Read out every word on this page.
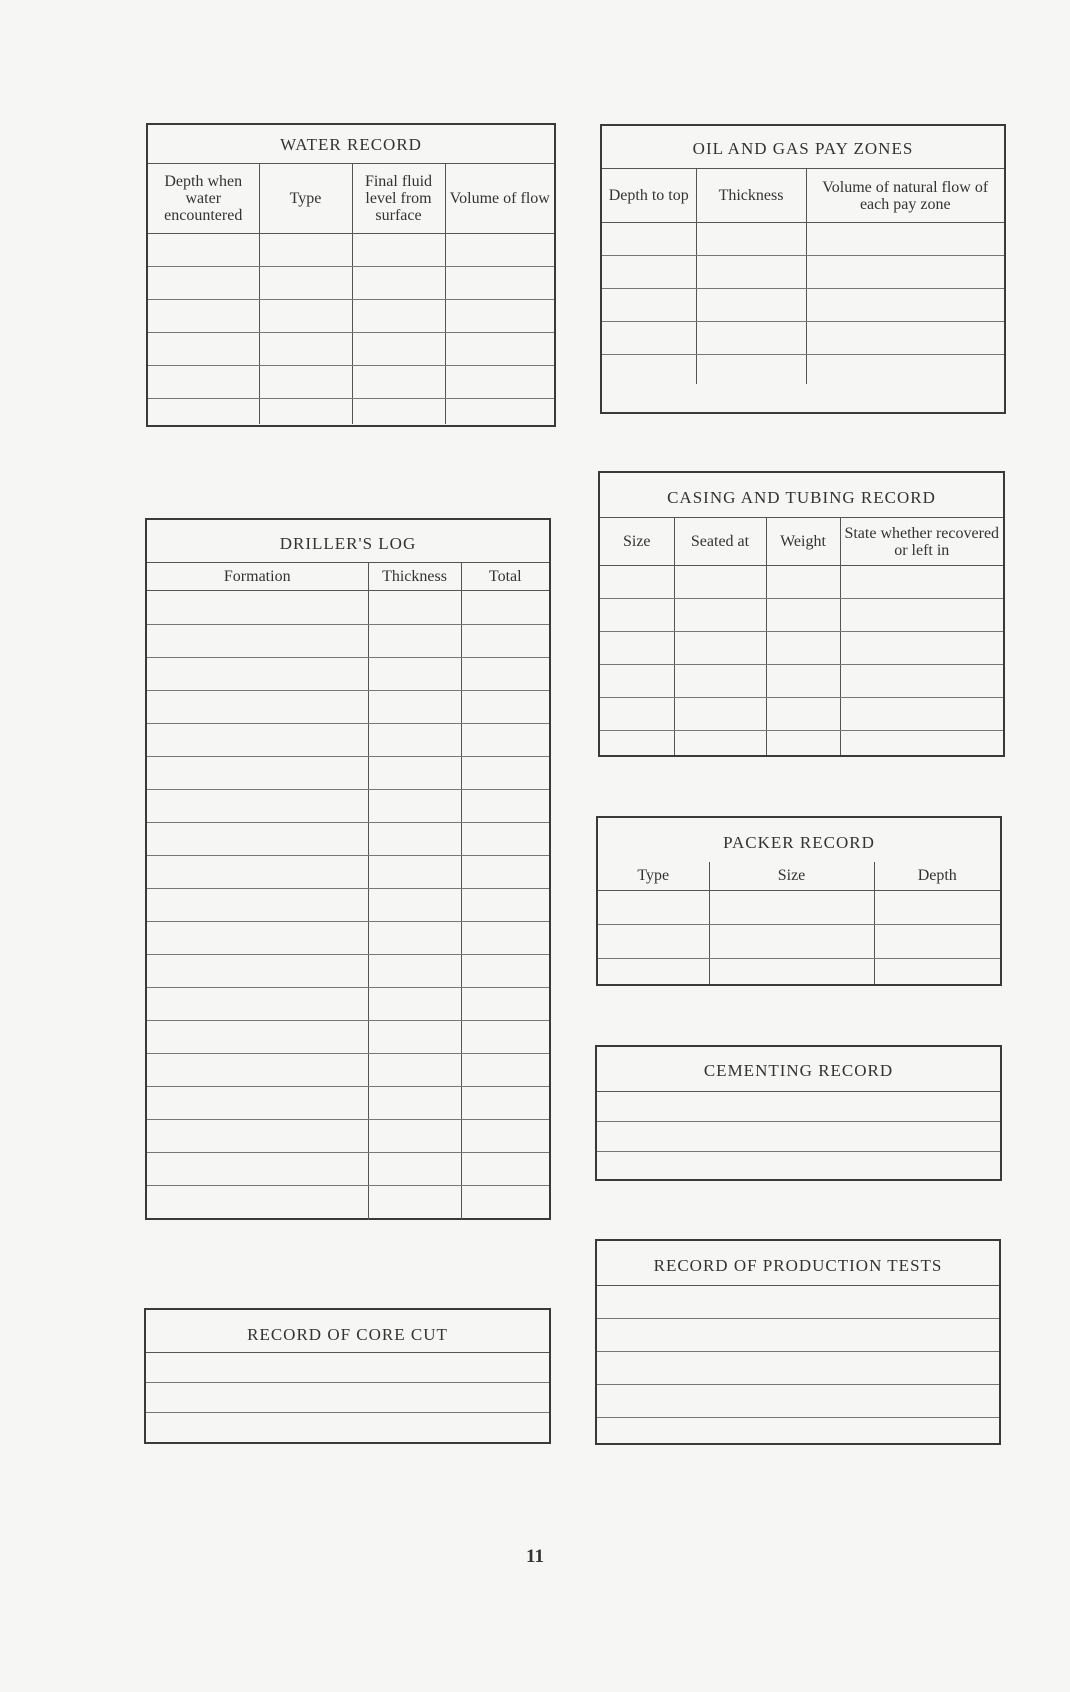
WATER RECORD
Depth when water encountered	Type	Final fluid level from surface	Volume of flow

OIL AND GAS PAY ZONES
Depth to top	Thickness	Volume of natural flow of each pay zone

CASING AND TUBING RECORD
Size	Seated at	Weight	State whether recovered or left in

DRILLER'S LOG
Formation	Thickness	Total

PACKER RECORD
Type	Size	Depth

CEMENTING RECORD
RECORD OF PRODUCTION TESTS
RECORD OF CORE CUT
11
